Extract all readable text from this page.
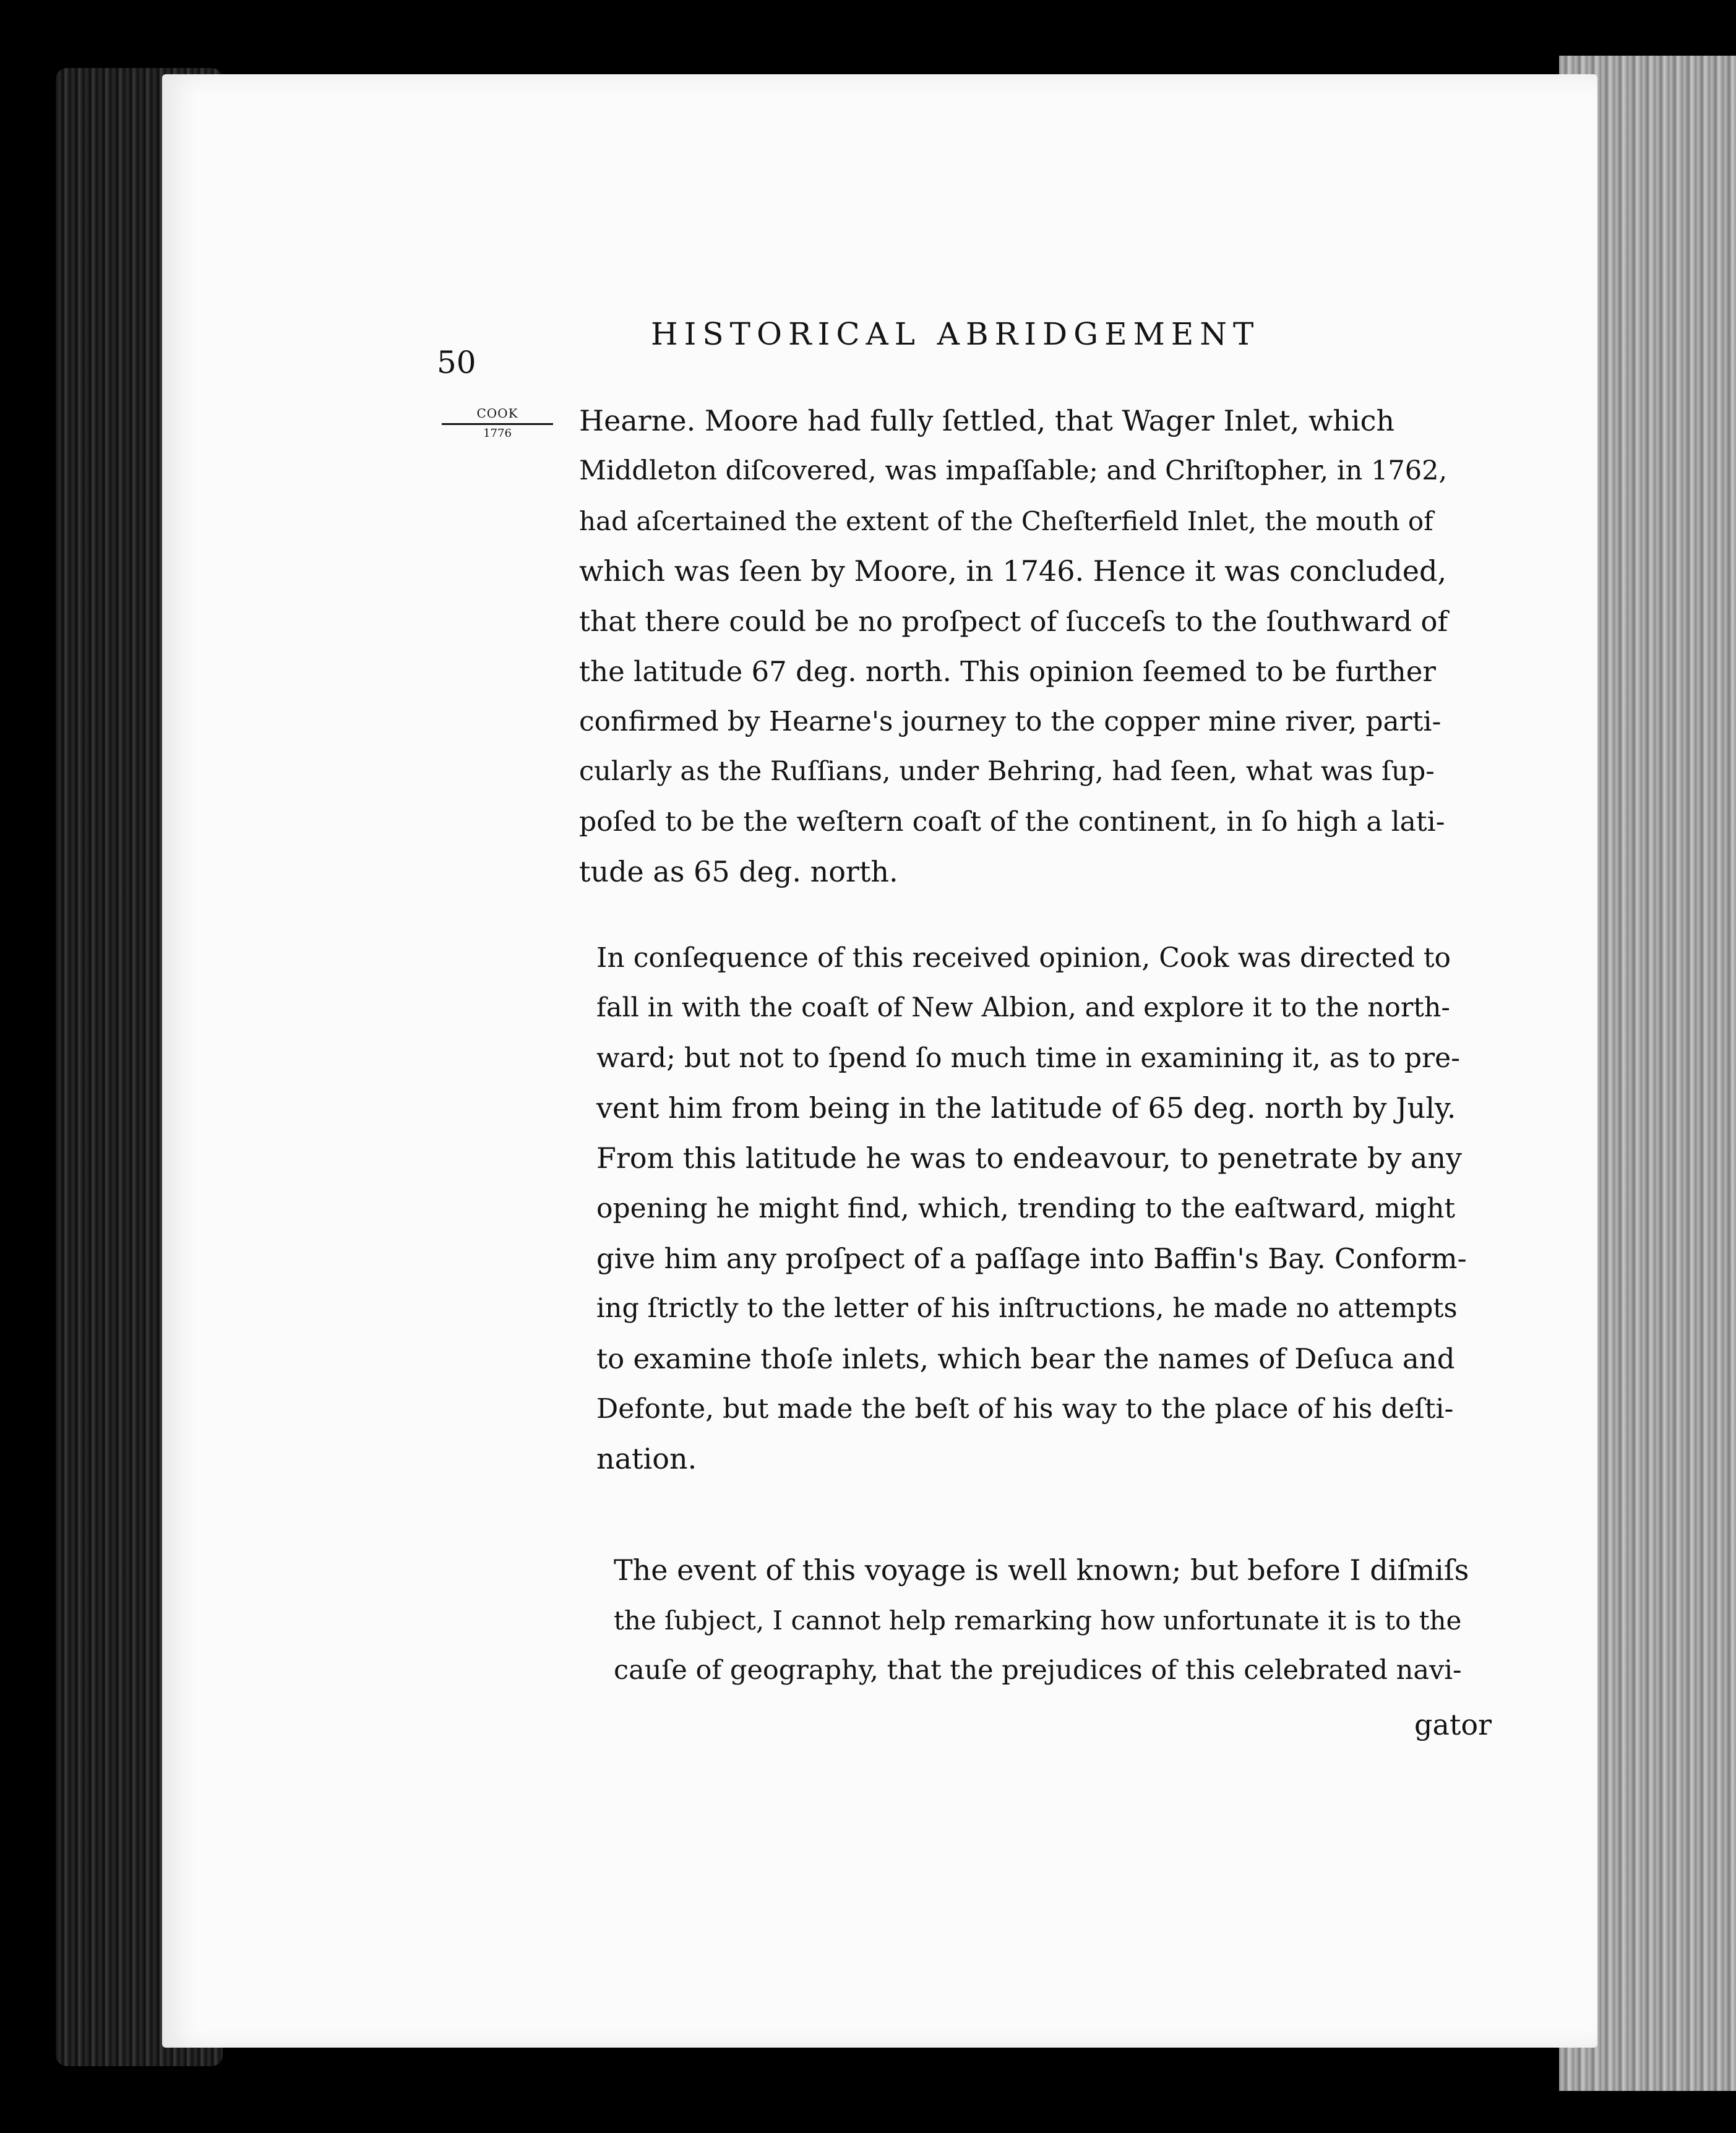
50
HISTORICAL ABRIDGEMENT
COOK
1776	Hearne. Moore had fully ſettled, that Wager Inlet, which
Middleton diſcovered, was impaſſable; and Chriſtopher, in 1762,
had aſcertained the extent of the Cheſterfield Inlet, the mouth of
which was ſeen by Moore, in 1746. Hence it was concluded,
that there could be no proſpect of ſucceſs to the ſouthward of
the latitude 67 deg. north. This opinion ſeemed to be further
confirmed by Hearne's journey to the copper mine river, parti-
cularly as the Ruſſians, under Behring, had ſeen, what was ſup-
poſed to be the weſtern coaſt of the continent, in ſo high a lati-
tude as 65 deg. north.
In conſequence of this received opinion, Cook was directed to
fall in with the coaſt of New Albion, and explore it to the north-
ward; but not to ſpend ſo much time in examining it, as to pre-
vent him from being in the latitude of 65 deg. north by July.
From this latitude he was to endeavour, to penetrate by any
opening he might find, which, trending to the eaſtward, might
give him any proſpect of a paſſage into Baffin's Bay. Conform-
ing ſtrictly to the letter of his inſtructions, he made no attempts
to examine thoſe inlets, which bear the names of Deſuca and
Defonte, but made the beſt of his way to the place of his deſti-
nation.
The event of this voyage is well known; but before I diſmiſs
the ſubject, I cannot help remarking how unfortunate it is to the
cauſe of geography, that the prejudices of this celebrated navi-
gator
